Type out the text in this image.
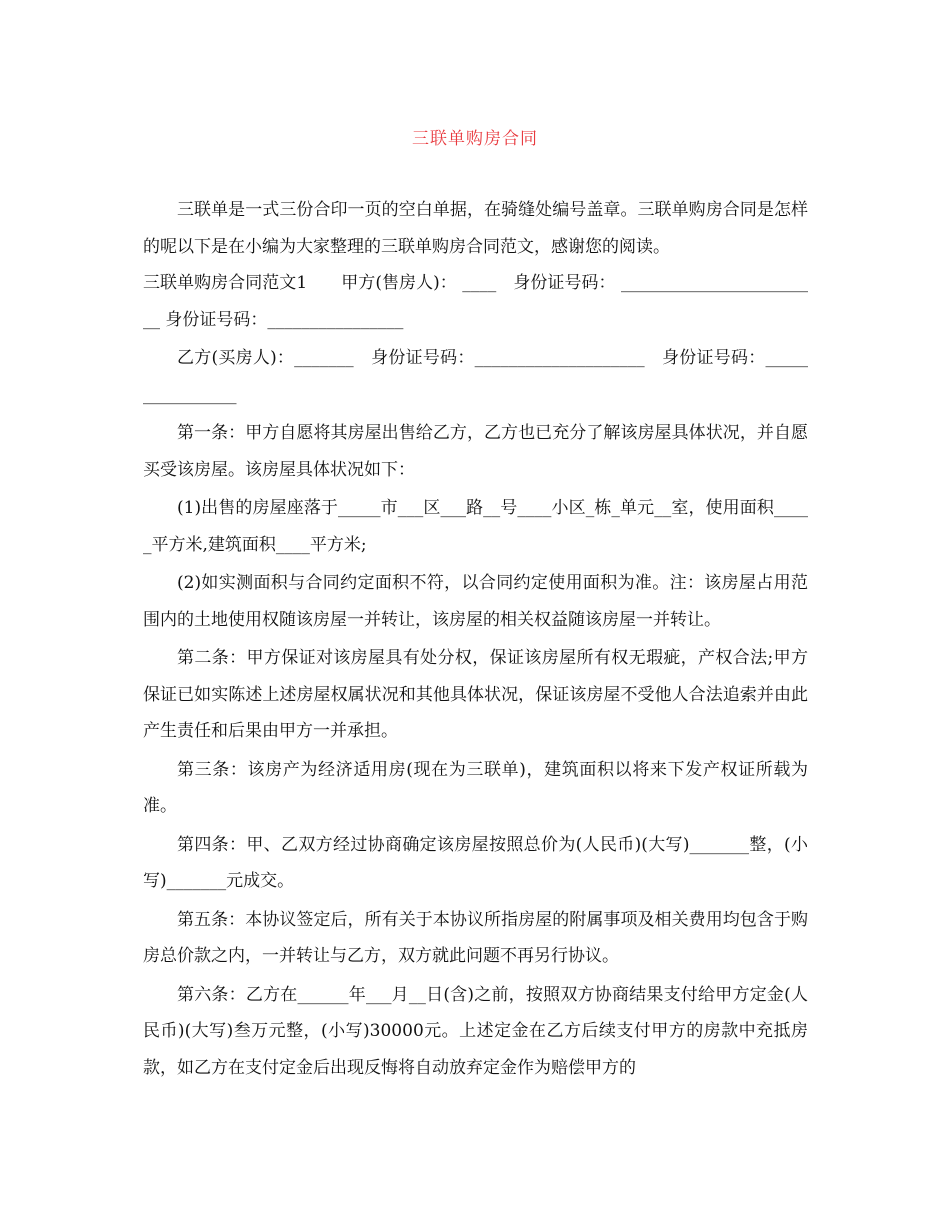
三联单购房合同

三联单是一式三份合印一页的空白单据，在骑缝处编号盖章。三联单购房合同是怎样的呢以下是在小编为大家整理的三联单购房合同范文，感谢您的阅读。

三联单购房合同范文1　　甲方(售房人)： ____　身份证号码： ________________________ 身份证号码：________________

乙方(买房人)：_______　身份证号码：____________________　身份证号码：________________

第一条：甲方自愿将其房屋出售给乙方，乙方也已充分了解该房屋具体状况，并自愿买受该房屋。该房屋具体状况如下：

(1)出售的房屋座落于_____市___区___路__号____小区_栋_单元__室，使用面积_____平方米,建筑面积____平方米;

(2)如实测面积与合同约定面积不符，以合同约定使用面积为准。注：该房屋占用范围内的土地使用权随该房屋一并转让，该房屋的相关权益随该房屋一并转让。

第二条：甲方保证对该房屋具有处分权，保证该房屋所有权无瑕疵，产权合法;甲方保证已如实陈述上述房屋权属状况和其他具体状况，保证该房屋不受他人合法追索并由此产生责任和后果由甲方一并承担。

第三条：该房产为经济适用房(现在为三联单)，建筑面积以将来下发产权证所载为准。

第四条：甲、乙双方经过协商确定该房屋按照总价为(人民币)(大写)_______整，(小写)_______元成交。

第五条：本协议签定后，所有关于本协议所指房屋的附属事项及相关费用均包含于购房总价款之内，一并转让与乙方，双方就此问题不再另行协议。

第六条：乙方在______年___月__日(含)之前，按照双方协商结果支付给甲方定金(人民币)(大写)叁万元整，(小写)30000元。上述定金在乙方后续支付甲方的房款中充抵房款，如乙方在支付定金后出现反悔将自动放弃定金作为赔偿甲方的
